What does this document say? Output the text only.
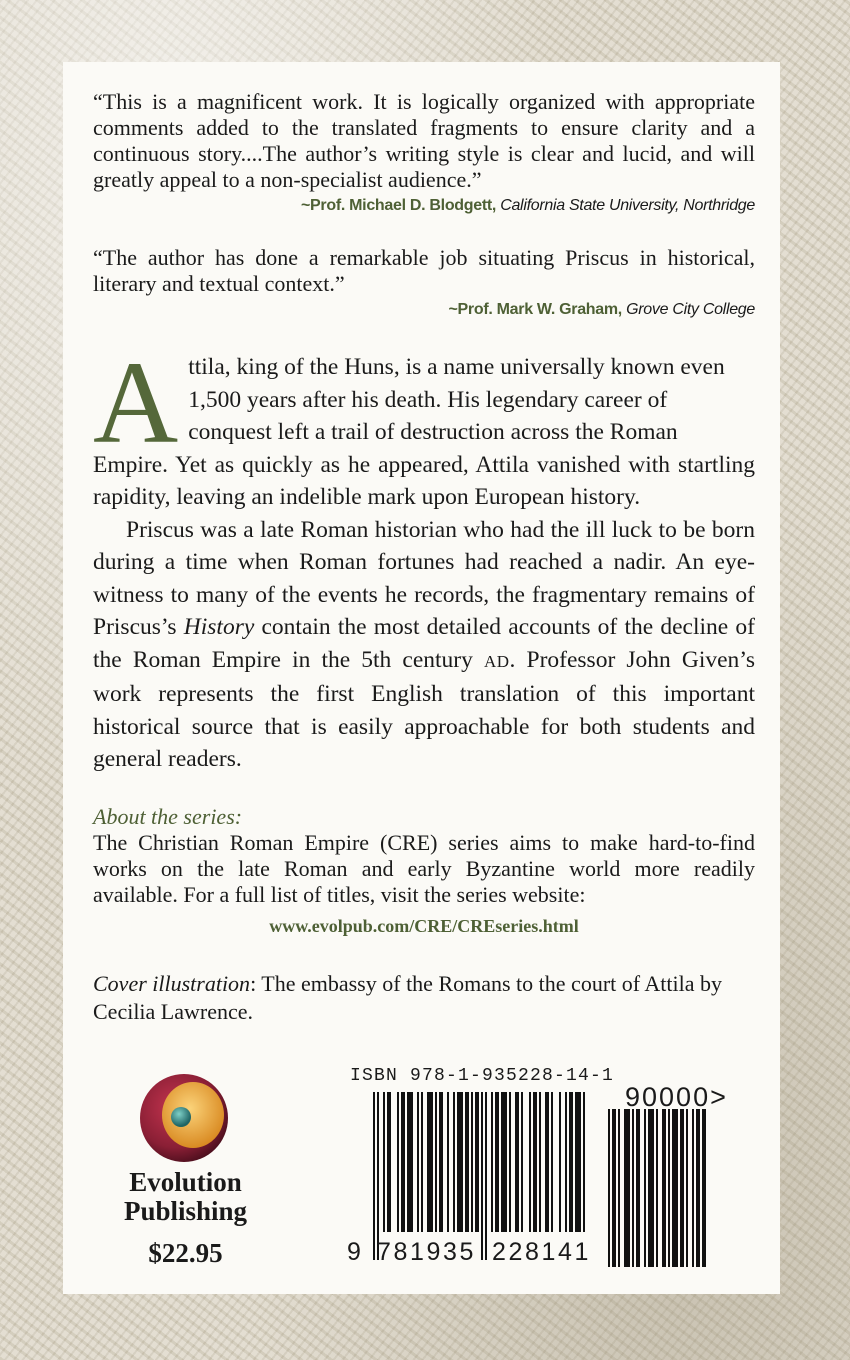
“This is a magnificent work. It is logically organized with appropriate comments added to the translated fragments to ensure clarity and a continuous story....The author’s writing style is clear and lucid, and will greatly appeal to a non-specialist audience.”

~Prof. Michael D. Blodgett, California State University, Northridge

“The author has done a remarkable job situating Priscus in historical, literary and textual context.”

~Prof. Mark W. Graham, Grove City College

A ttila, king of the Huns, is a name universally known even
1,500 years after his death. His legendary career of
conquest left a trail of destruction across the Roman

Empire. Yet as quickly as he appeared, Attila vanished with startling rapidity, leaving an indelible mark upon European history.

Priscus was a late Roman historian who had the ill luck to be born during a time when Roman fortunes had reached a nadir. An eye-witness to many of the events he records, the fragmentary remains of Priscus’s History contain the most detailed accounts of the decline of the Roman Empire in the 5th century AD. Professor John Given’s work represents the first English translation of this important historical source that is easily approachable for both students and general readers.

About the series:

The Christian Roman Empire (CRE) series aims to make hard-to-find works on the late Roman and early Byzantine world more readily available. For a full list of titles, visit the series website:

www.evolpub.com/CRE/CREseries.html

Cover illustration: The embassy of the Romans to the court of Attila by Cecilia Lawrence.

Evolution
Publishing
$22.95
ISBN 978-1-935228-14-1
90000>
9 781935 228141
